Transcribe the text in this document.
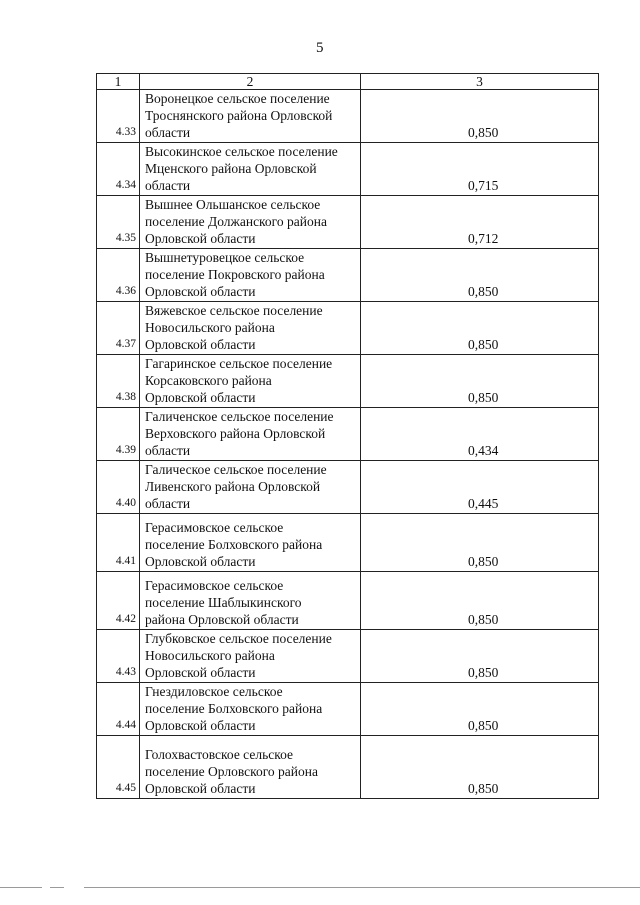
5
1	2	3
4.33	Воронецкое сельское поселение
Троснянского района Орловской
области	0,850
4.34	Высокинское сельское поселение
Мценского района Орловской
области	0,715
4.35	Вышнее Ольшанское сельское
поселение Должанского района
Орловской области	0,712
4.36	Вышнетуровецкое сельское
поселение Покровского района
Орловской области	0,850
4.37	Вяжевское сельское поселение
Новосильского района
Орловской области	0,850
4.38	Гагаринское сельское поселение
Корсаковского района
Орловской области	0,850
4.39	Галиченское сельское поселение
Верховского района Орловской
области	0,434
4.40	Галическое сельское поселение
Ливенского района Орловской
области	0,445
4.41	Герасимовское сельское
поселение Болховского района
Орловской области	0,850
4.42	Герасимовское сельское
поселение Шаблыкинского
района Орловской области	0,850
4.43	Глубковское сельское поселение
Новосильского района
Орловской области	0,850
4.44	Гнездиловское сельское
поселение Болховского района
Орловской области	0,850
4.45	Голохвастовское сельское
поселение Орловского района
Орловской области	0,850
